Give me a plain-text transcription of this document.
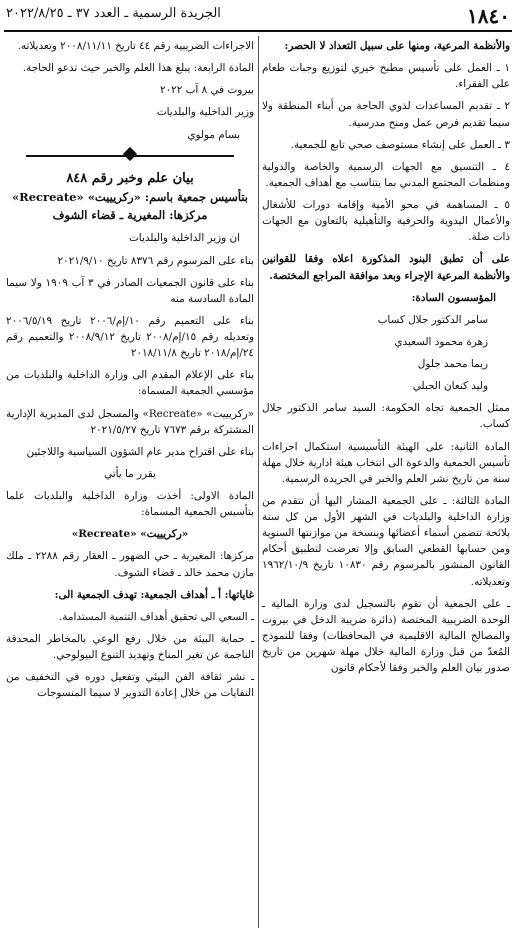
١٨٤٠
الجريدة الرسمية ـ العدد ٣٧ ـ ٢٠٢٢/٨/٢٥

والأنظمة المرعية، ومنها على سبيل التعداد لا الحصر:

١ ـ العمل على تأسيس مطبخ خيري لتوزيع وجبات طعام على الفقراء.

٢ ـ تقديم المساعدات لذوي الحاجة من أبناء المنطقة ولا سيما تقديم فرص عمل ومنح مدرسية.

٣ ـ العمل على إنشاء مستوصف صحي تابع للجمعية.

٤ ـ التنسيق مع الجهات الرسمية والخاصة والدولية ومنظمات المجتمع المدني بما يتناسب مع أهداف الجمعية.

٥ ـ المساهمة في محو الأمية وإقامة دورات للأشغال والأعمال اليدوية والحرفية والتأهيلية بالتعاون مع الجهات ذات صلة.

على أن تطبق البنود المذكورة اعلاه وفقا للقوانين والأنظمة المرعية الإجراء وبعد موافقة المراجع المختصة.

المؤسسون السادة:

سامر الدكتور جلال كساب

زهرة محمود السعيدي

ريما محمد جلول

وليد كنعان الجبلي

ممثل الجمعية تجاه الحكومة: السيد سامر الدكتور جلال كساب.

المادة الثانية: على الهيئة التأسيسية استكمال اجراءات تأسيس الجمعية والدعوة الى انتخاب هيئة ادارية خلال مهلة سنة من تاريخ نشر العلم والخبر في الجريدة الرسمية.

المادة الثالثة: ـ على الجمعية المشار اليها أن تتقدم من وزارة الداخلية والبلديات في الشهر الأول من كل سنة بلائحة تتضمن أسماء أعضائها وبنسخة من موازنتها السنوية ومن حسابها القطعي السابق وإلا تعرضت لتطبيق أحكام القانون المنشور بالمرسوم رقم ١٠٨٣٠ تاريخ ١٩٦٢/١٠/٩ وتعديلاته.

ـ على الجمعية أن تقوم بالتسجيل لدى وزارة المالية ـ الوحدة الضريبية المختصة (دائرة ضريبة الدخل في بيروت والمصالح المالية الاقليمية في المحافظات) وفقا للنموذج المُعدّ من قبل وزارة المالية خلال مهلة شهرين من تاريخ صدور بيان العلم والخبر وفقا لأحكام قانون

الاجراءات الضريبية رقم ٤٤ تاريخ ٢٠٠٨/١١/١١ وتعديلاته.

المادة الرابعة: يبلغ هذا العلم والخبر حيث تدعو الحاجة.

بيروت في ٨ آب ٢٠٢٢

وزير الداخلية والبلديات

بسام مولوي

بيان علم وخبر رقم ٨٤٨
بتأسيس جمعية باسم: «ركريييت» «Recreate»
مركزها: المغيرية ـ قضاء الشوف

ان وزير الداخلية والبلديات

بناء على المرسوم رقم ٨٣٧٦ تاريخ ٢٠٢١/٩/١٠

بناء على قانون الجمعيات الصادر في ٣ آب ١٩٠٩ ولا سيما المادة السادسة منه

بناء على التعميم رقم ١٠/إم/٢٠٠٦ تاريخ ٢٠٠٦/٥/١٩ وتعديله رقم ١٥/إم/٢٠٠٨ تاريخ ٢٠٠٨/٩/١٢ والتعميم رقم ٢٤/إم/٢٠١٨ تاريخ ٢٠١٨/١١/٨

بناء على الإعلام المقدم الى وزارة الداخلية والبلديات من مؤسسي الجمعية المسماة:

«ركريييت» «Recreate» والمسجل لدى المديرية الإدارية المشتركة برقم ٧٦٧٣ تاريخ ٢٠٢١/٥/٢٧

بناء على اقتراح مدير عام الشؤون السياسية واللاجئين

يقرر ما يأتي

المادة الاولى: أخذت وزارة الداخلية والبلديات علما بتأسيس الجمعية المسماة:

«ركريييت» «Recreate»

مركزها: المغيرية ـ حي الضهور ـ العقار رقم ٢٢٨٨ ـ ملك مازن محمد خالد ـ قضاء الشوف.

غاياتها: أ ـ أهداف الجمعية: تهدف الجمعية الى:

ـ السعي الى تحقيق أهداف التنمية المستدامة.

ـ حماية البيئة من خلال رفع الوعي بالمخاطر المحدقة الناجمة عن تغير المناخ وتهديد التنوع البيولوجي.

ـ نشر ثقافة الفن البيئي وتفعيل دوره في التخفيف من النفايات من خلال إعادة التدوير لا سيما المنسوجات
